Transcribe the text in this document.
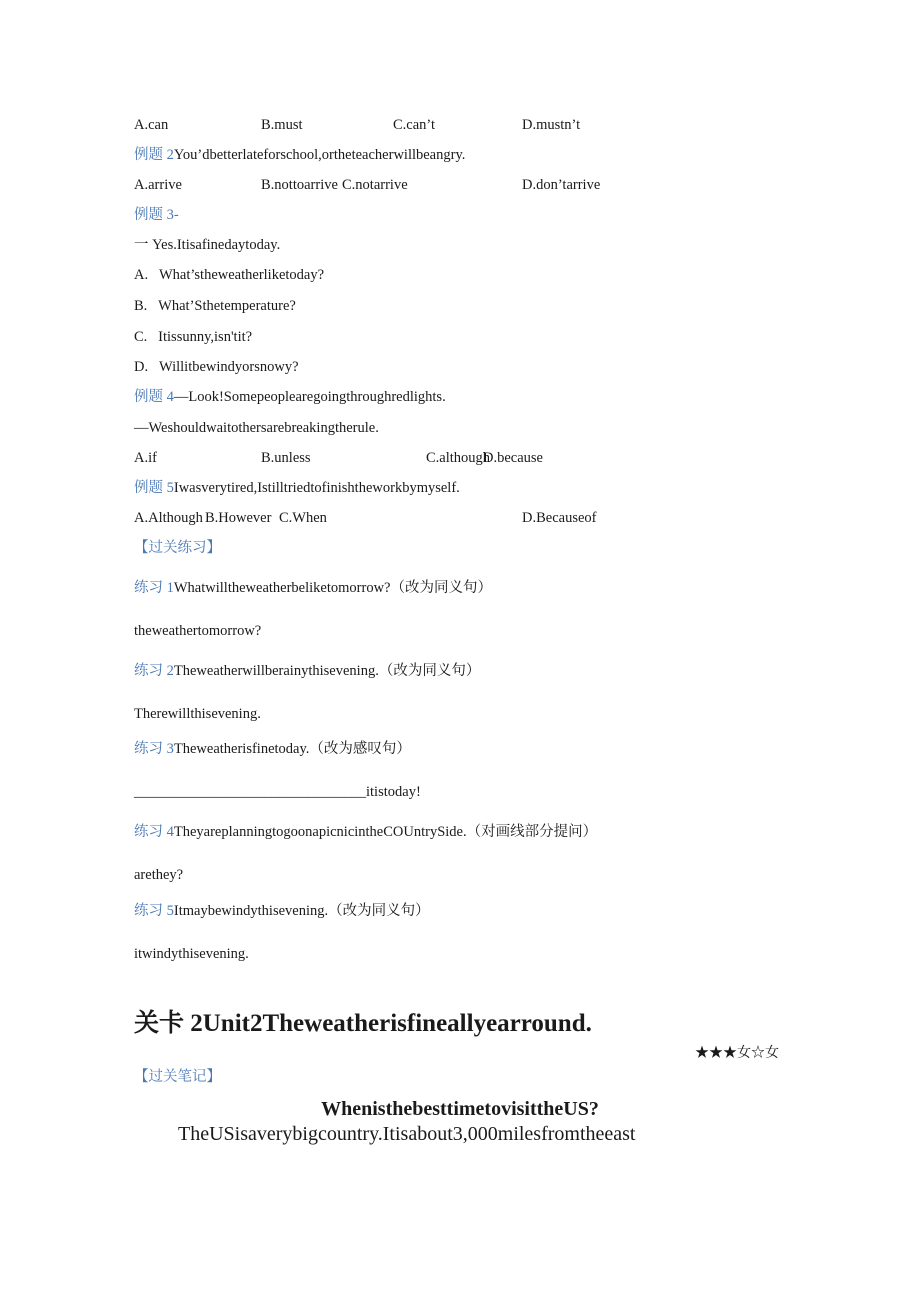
A.can	B.must	C.can’t	D.mustn’t
例题 2You’dbetterlateforschool,ortheteacherwillbeangry.
A.arrive	B.nottoarrive C.notarrive	D.don’tarrive
例题 3-
一 Yes.Itisafinedaytoday.
A.   What’stheweatherliketoday?
B.   What’Sthetemperature?
C.   Itissunny,isn'tit?
D.   Willitbewindyorsnowy?
例题 4—Look!Somepeoplearegoingthroughredlights.
—Weshouldwaitothersarebreakingtherule.
A.if	B.unless	C.although
D.because
例题 5Iwasverytired,Istilltriedtofinishtheworkbymyself.
A.Although B.However C.When	D.Becauseof
【过关练习】
练习 1Whatwilltheweatherbeliketomorrow?（改为同义句）
theweathertomorrow?
练习 2Theweatherwillberainythisevening.（改为同义句）
Therewillthisevening.
练习 3Theweatherisfinetoday.（改为感叹句）
________________________________itistoday!
练习 4TheyareplanningtogoonapicnicintheCOUntrySide.（对画线部分提问）
arethey?
练习 5Itmaybewindythisevening.（改为同义句）
itwindythisevening.
关卡 2Unit2Theweatherisfineallyearround.
★★★女☆女
【过关笔记】
WhenisthebesttimetovisittheUS?
TheUSisaverybigcountry.Itisabout3,000milesfromtheeast
